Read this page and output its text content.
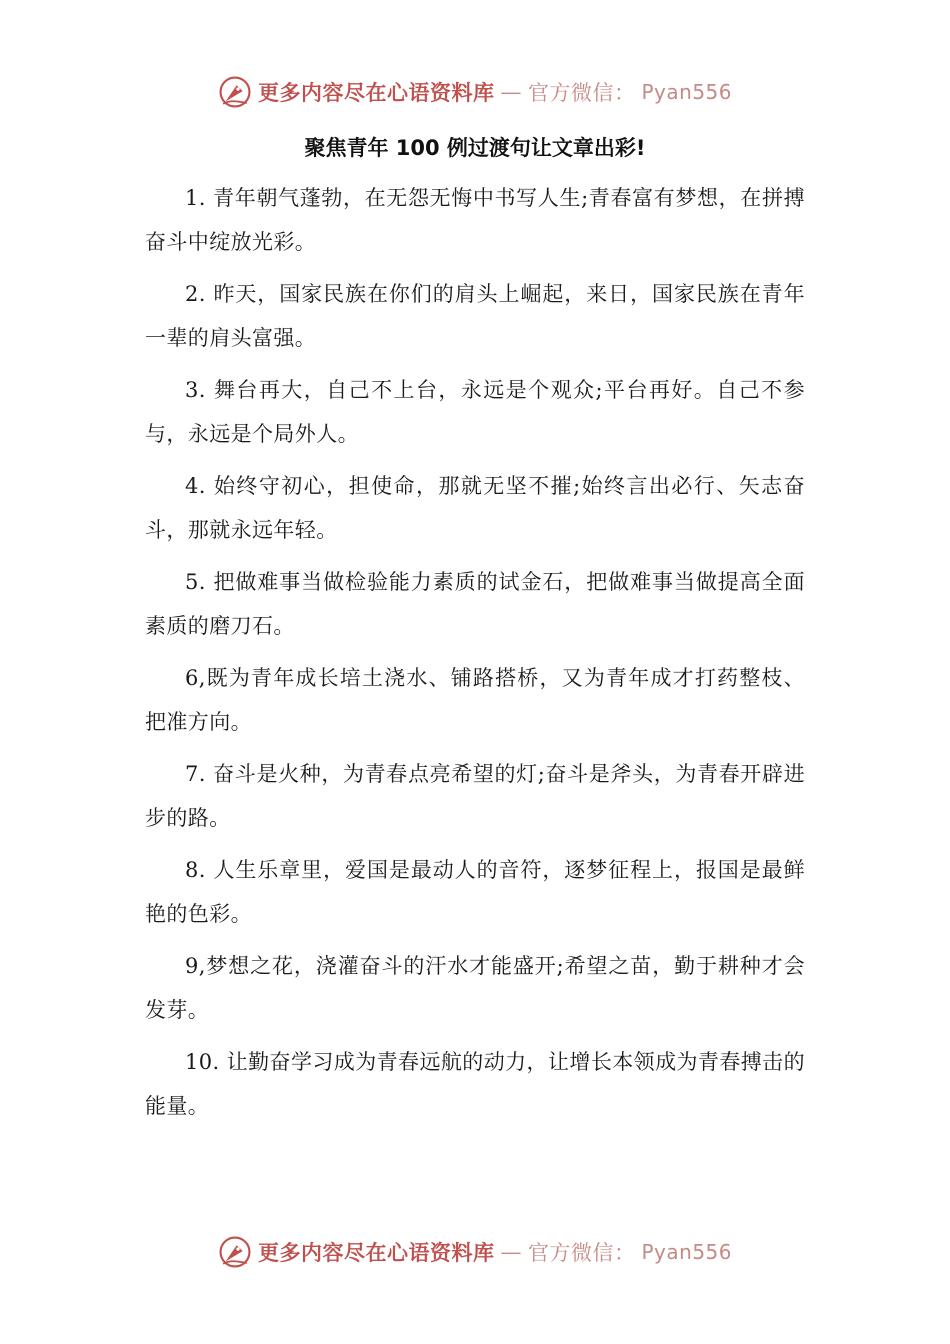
更多内容尽在心语资料库 — 官方微信： Pyan556
聚焦青年 100 例过渡句让文章出彩!

1. 青年朝气蓬勃，在无怨无悔中书写人生;青春富有梦想，在拼搏奋斗中绽放光彩。

2. 昨天，国家民族在你们的肩头上崛起，来日，国家民族在青年一辈的肩头富强。

3. 舞台再大，自己不上台，永远是个观众;平台再好。自己不参与，永远是个局外人。

4. 始终守初心，担使命，那就无坚不摧;始终言出必行、矢志奋斗，那就永远年轻。

5. 把做难事当做检验能力素质的试金石，把做难事当做提高全面素质的磨刀石。

6,既为青年成长培土浇水、铺路搭桥，又为青年成才打药整枝、把准方向。

7. 奋斗是火种，为青春点亮希望的灯;奋斗是斧头，为青春开辟进步的路。

8. 人生乐章里，爱国是最动人的音符，逐梦征程上，报国是最鲜艳的色彩。

9,梦想之花，浇灌奋斗的汗水才能盛开;希望之苗，勤于耕种才会发芽。

10. 让勤奋学习成为青春远航的动力，让增长本领成为青春搏击的能量。

更多内容尽在心语资料库 — 官方微信： Pyan556
